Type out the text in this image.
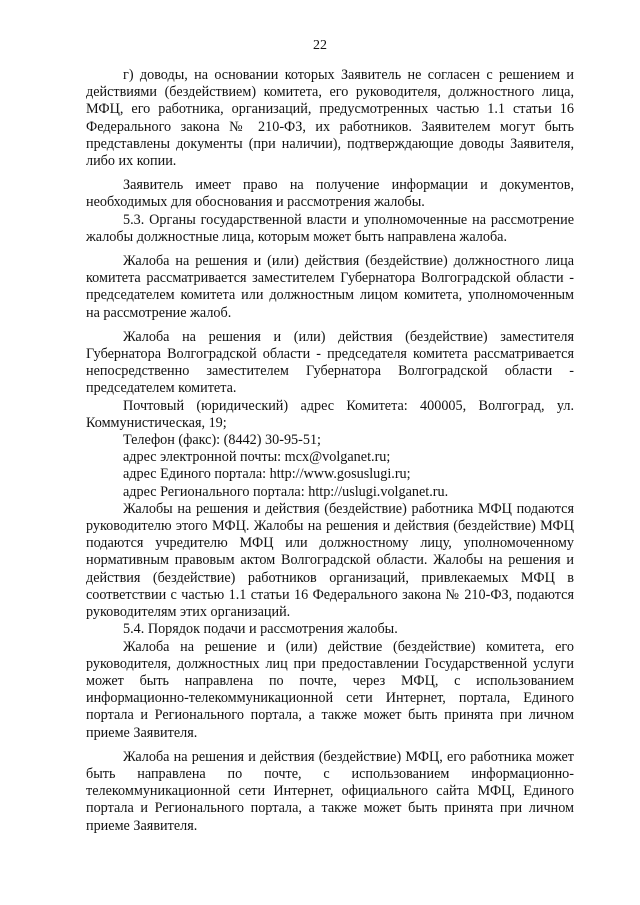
22

г) доводы, на основании которых Заявитель не согласен с решением и действиями (бездействием) комитета, его руководителя, должностного лица, МФЦ, его работника, организаций, предусмотренных частью 1.1 статьи 16 Федерального закона № 210-ФЗ, их работников. Заявителем могут быть представлены документы (при наличии), подтверждающие доводы Заявителя, либо их копии.

Заявитель имеет право на получение информации и документов, необходимых для обоснования и рассмотрения жалобы.

5.3. Органы государственной власти и уполномоченные на рассмотрение жалобы должностные лица, которым может быть направлена жалоба.

Жалоба на решения и (или) действия (бездействие) должностного лица комитета рассматривается заместителем Губернатора Волгоградской области - председателем комитета или должностным лицом комитета, уполномоченным на рассмотрение жалоб.

Жалоба на решения и (или) действия (бездействие) заместителя Губернатора Волгоградской области - председателя комитета рассматривается непосредственно заместителем Губернатора Волгоградской области - председателем комитета.

Почтовый (юридический) адрес Комитета: 400005, Волгоград, ул. Коммунистическая, 19;

Телефон (факс): (8442) 30-95-51;

адрес электронной почты: mcx@volganet.ru;

адрес Единого портала: http://www.gosuslugi.ru;

адрес Регионального портала: http://uslugi.volganet.ru.

Жалобы на решения и действия (бездействие) работника МФЦ подаются руководителю этого МФЦ. Жалобы на решения и действия (бездействие) МФЦ подаются учредителю МФЦ или должностному лицу, уполномоченному нормативным правовым актом Волгоградской области. Жалобы на решения и действия (бездействие) работников организаций, привлекаемых МФЦ в соответствии с частью 1.1 статьи 16 Федерального закона № 210-ФЗ, подаются руководителям этих организаций.

5.4. Порядок подачи и рассмотрения жалобы.

Жалоба на решение и (или) действие (бездействие) комитета, его руководителя, должностных лиц при предоставлении Государственной услуги может быть направлена по почте, через МФЦ, с использованием информационно-телекоммуникационной сети Интернет, портала, Единого портала и Регионального портала, а также может быть принята при личном приеме Заявителя.

Жалоба на решения и действия (бездействие) МФЦ, его работника может быть направлена по почте, с использованием информационно-телекоммуникационной сети Интернет, официального сайта МФЦ, Единого портала и Регионального портала, а также может быть принята при личном приеме Заявителя.
